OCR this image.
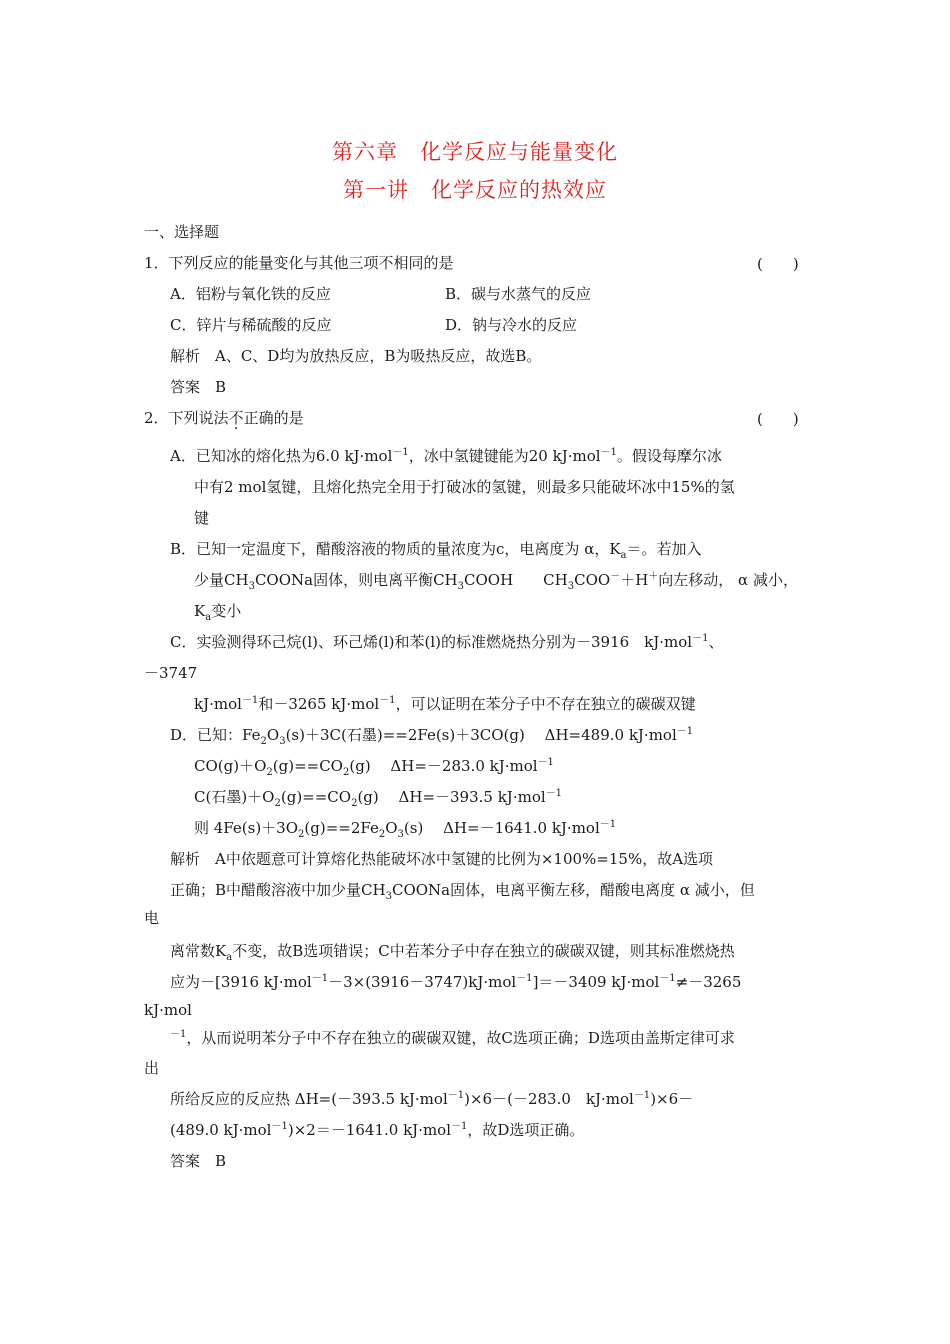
第六章　化学反应与能量变化
第一讲　化学反应的热效应
一、选择题
1．下列反应的能量变化与其他三项不相同的是	(　　)
A．铝粉与氧化铁的反应	B．碳与水蒸气的反应
C．锌片与稀硫酸的反应	D．钠与冷水的反应
解析　A、C、D均为放热反应，B为吸热反应，故选B。
答案　B
2．下列说法不正确的是	(　　)
A．已知冰的熔化热为6.0 kJ·mol$^{-1}$，冰中氢键键能为20 kJ·mol$^{-1}$。假设每摩尔冰
中有2 mol氢键，且熔化热完全用于打破冰的氢键，则最多只能破坏冰中15%的氢
键
B．已知一定温度下，醋酸溶液的物质的量浓度为c，电离度为 α，$K_a=$。若加入
少量$CH_3COONa$固体，则电离平衡$CH_3COOH$　　$CH_3COO^-+H^+$向左移动， α 减小，
$K_a$变小
C．实验测得环己烷(l)、环己烯(l)和苯(l)的标准燃烧热分别为－3916　kJ·mol$^{-1}$、
－3747
kJ·mol$^{-1}$和－3265 kJ·mol$^{-1}$，可以证明在苯分子中不存在独立的碳碳双键
D．已知：$Fe_2O_3(s)+3C$(石墨)==2Fe(s)＋3CO(g)　 ΔH=489.0 kJ·mol$^{-1}$
$CO(g)+O_2(g)==CO_2(g)$　 ΔH=－283.0 kJ·mol$^{-1}$
C(石墨)$+O_2(g)==CO_2(g)$　 ΔH=－393.5 kJ·mol$^{-1}$
则 $4Fe(s)+3O_2(g)==2Fe_2O_3(s)$　 ΔH=－1641.0 kJ·mol$^{-1}$
解析　A中依题意可计算熔化热能破坏冰中氢键的比例为×100%=15%，故A选项
正确；B中醋酸溶液中加少量$CH_3COONa$固体，电离平衡左移，醋酸电离度 α 减小，但
电
离常数$K_a$不变，故B选项错误；C中若苯分子中存在独立的碳碳双键，则其标准燃烧热
应为－[3916 kJ·mol$^{-1}$－3×(3916－3747)kJ·mol$^{-1}$]＝－3409 kJ·mol$^{-1}$≠－3265
kJ·mol
$^{-1}$，从而说明苯分子中不存在独立的碳碳双键，故C选项正确；D选项由盖斯定律可求
出
所给反应的反应热 ΔH=(－393.5 kJ·mol$^{-1}$)×6－(－283.0　kJ·mol$^{-1}$)×6－
(489.0 kJ·mol$^{-1}$)×2＝－1641.0 kJ·mol$^{-1}$，故D选项正确。
答案　B
